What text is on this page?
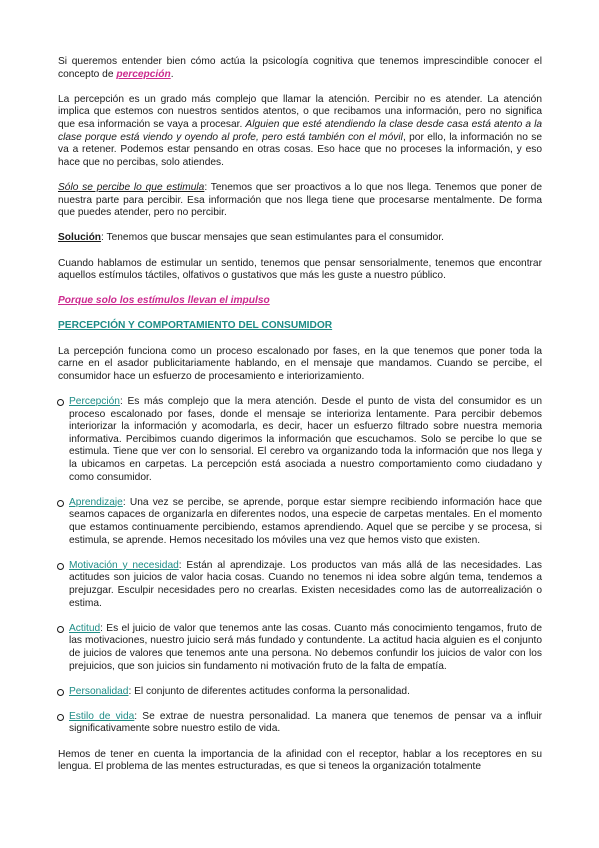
Si queremos entender bien cómo actúa la psicología cognitiva que tenemos imprescindible conocer el concepto de percepción.

La percepción es un grado más complejo que llamar la atención. Percibir no es atender. La atención implica que estemos con nuestros sentidos atentos, o que recibamos una información, pero no significa que esa información se vaya a procesar. Alguien que esté atendiendo la clase desde casa está atento a la clase porque está viendo y oyendo al profe, pero está también con el móvil, por ello, la información no se va a retener. Podemos estar pensando en otras cosas. Eso hace que no proceses la información, y eso hace que no percibas, solo atiendes.

Sólo se percibe lo que estimula: Tenemos que ser proactivos a lo que nos llega. Tenemos que poner de nuestra parte para percibir. Esa información que nos llega tiene que procesarse mentalmente. De forma que puedes atender, pero no percibir.

Solución: Tenemos que buscar mensajes que sean estimulantes para el consumidor.

Cuando hablamos de estimular un sentido, tenemos que pensar sensorialmente, tenemos que encontrar aquellos estímulos táctiles, olfativos o gustativos que más les guste a nuestro público.

Porque solo los estímulos llevan el impulso

PERCEPCIÓN Y COMPORTAMIENTO DEL CONSUMIDOR

La percepción funciona como un proceso escalonado por fases, en la que tenemos que poner toda la carne en el asador publicitariamente hablando, en el mensaje que mandamos. Cuando se percibe, el consumidor hace un esfuerzo de procesamiento e interiorizamiento.

Percepción: Es más complejo que la mera atención. Desde el punto de vista del consumidor es un proceso escalonado por fases, donde el mensaje se interioriza lentamente. Para percibir debemos interiorizar la información y acomodarla, es decir, hacer un esfuerzo filtrado sobre nuestra memoria informativa. Percibimos cuando digerimos la información que escuchamos. Solo se percibe lo que se estimula. Tiene que ver con lo sensorial. El cerebro va organizando toda la información que nos llega y la ubicamos en carpetas. La percepción está asociada a nuestro comportamiento como ciudadano y como consumidor.
Aprendizaje: Una vez se percibe, se aprende, porque estar siempre recibiendo información hace que seamos capaces de organizarla en diferentes nodos, una especie de carpetas mentales. En el momento que estamos continuamente percibiendo, estamos aprendiendo. Aquel que se percibe y se procesa, si estimula, se aprende. Hemos necesitado los móviles una vez que hemos visto que existen.
Motivación y necesidad: Están al aprendizaje. Los productos van más allá de las necesidades. Las actitudes son juicios de valor hacia cosas. Cuando no tenemos ni idea sobre algún tema, tendemos a prejuzgar. Esculpir necesidades pero no crearlas. Existen necesidades como las de autorrealización o estima.
Actitud: Es el juicio de valor que tenemos ante las cosas. Cuanto más conocimiento tengamos, fruto de las motivaciones, nuestro juicio será más fundado y contundente. La actitud hacia alguien es el conjunto de juicios de valores que tenemos ante una persona. No debemos confundir los juicios de valor con los prejuicios, que son juicios sin fundamento ni motivación fruto de la falta de empatía.
Personalidad: El conjunto de diferentes actitudes conforma la personalidad.
Estilo de vida: Se extrae de nuestra personalidad. La manera que tenemos de pensar va a influir significativamente sobre nuestro estilo de vida.

Hemos de tener en cuenta la importancia de la afinidad con el receptor, hablar a los receptores en su lengua. El problema de las mentes estructuradas, es que si teneos la organización totalmente
